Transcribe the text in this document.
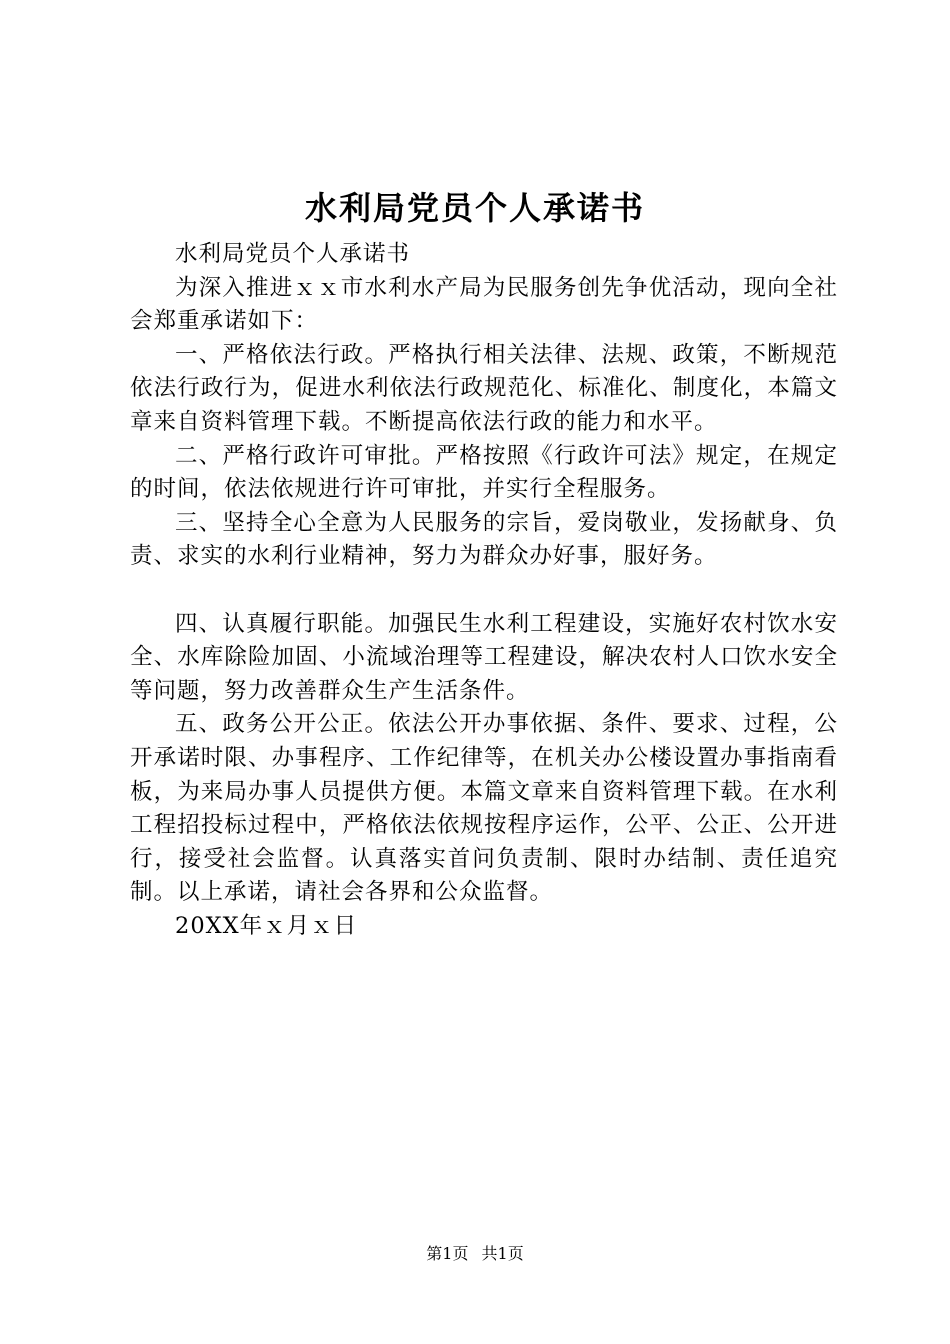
水利局党员个人承诺书

水利局党员个人承诺书

为深入推进ｘｘ市水利水产局为民服务创先争优活动，现向全社会郑重承诺如下：

一、严格依法行政。严格执行相关法律、法规、政策，不断规范依法行政行为，促进水利依法行政规范化、标准化、制度化，本篇文章来自资料管理下载。不断提高依法行政的能力和水平。

二、严格行政许可审批。严格按照《行政许可法》规定，在规定的时间，依法依规进行许可审批，并实行全程服务。

三、坚持全心全意为人民服务的宗旨，爱岗敬业，发扬献身、负责、求实的水利行业精神，努力为群众办好事，服好务。

四、认真履行职能。加强民生水利工程建设，实施好农村饮水安全、水库除险加固、小流域治理等工程建设，解决农村人口饮水安全等问题，努力改善群众生产生活条件。

五、政务公开公正。依法公开办事依据、条件、要求、过程，公开承诺时限、办事程序、工作纪律等，在机关办公楼设置办事指南看板，为来局办事人员提供方便。本篇文章来自资料管理下载。在水利工程招投标过程中，严格依法依规按程序运作，公平、公正、公开进行，接受社会监督。认真落实首问负责制、限时办结制、责任追究制。以上承诺，请社会各界和公众监督。

20XX年ｘ月ｘ日

第1页 共1页
